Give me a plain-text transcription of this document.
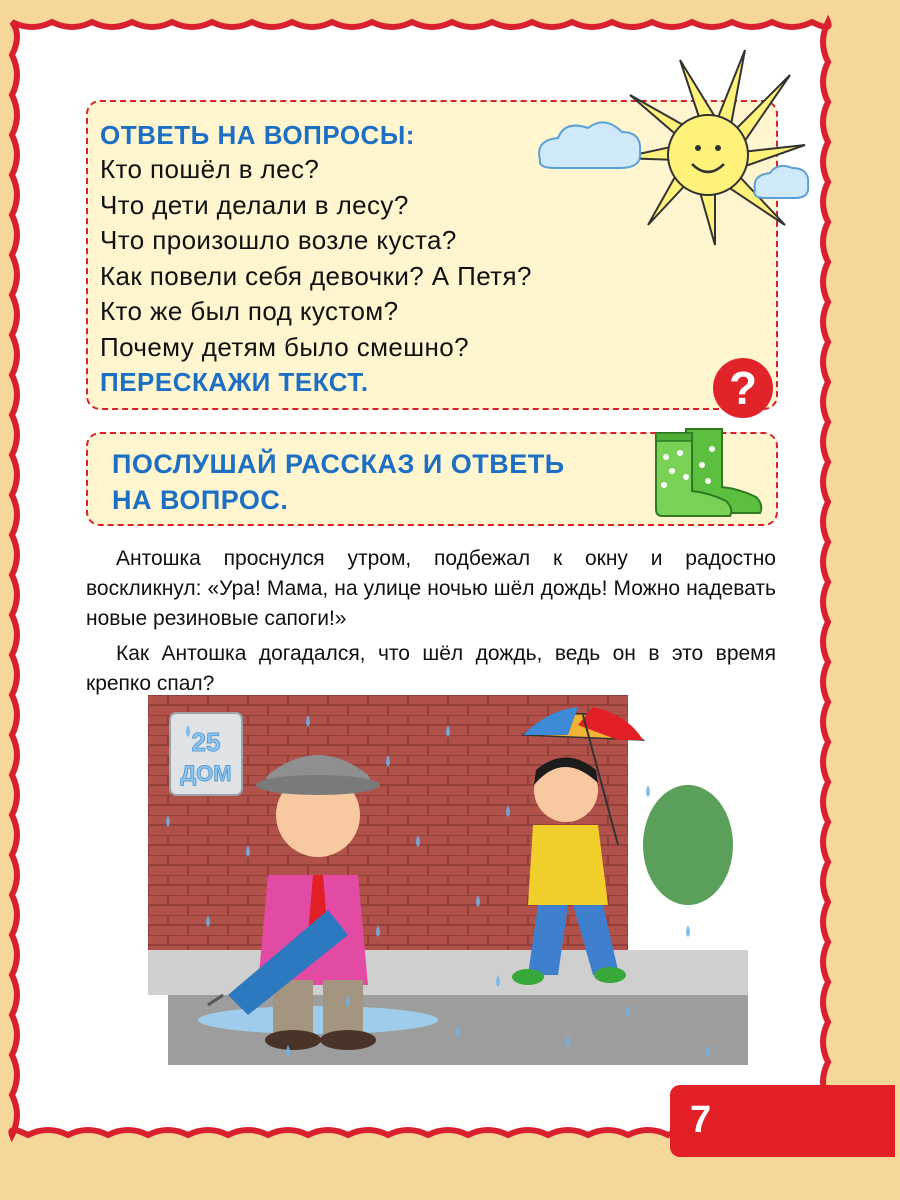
ОТВЕТЬ НА ВОПРОСЫ:
Кто пошёл в лес?
Что дети делали в лесу?
Что произошло возле куста?
Как повели себя девочки? А Петя?
Кто же был под кустом?
Почему детям было смешно?
ПЕРЕСКАЖИ ТЕКСТ.	?
ПОСЛУШАЙ РАССКАЗ И ОТВЕТЬ
НА ВОПРОС.

Антошка проснулся утром, подбежал к окну и радостно воскликнул: «Ура! Мама, на улице ночью шёл дождь! Можно надевать новые резиновые сапоги!»

Как Антошка догадался, что шёл дождь, ведь он в это время крепко спал?

25
ДОМ
7
